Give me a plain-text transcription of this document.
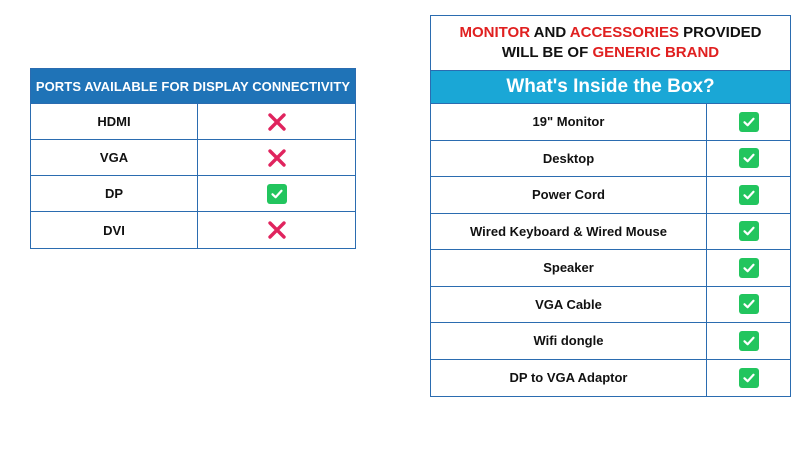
PORTS AVAILABLE FOR DISPLAY CONNECTIVITY
HDMI
VGA
DP
DVI
MONITOR AND ACCESSORIES PROVIDED
WILL BE OF GENERIC BRAND
What's Inside the Box?
19" Monitor
Desktop
Power Cord
Wired Keyboard & Wired Mouse
Speaker
VGA Cable
Wifi dongle
DP to VGA Adaptor
